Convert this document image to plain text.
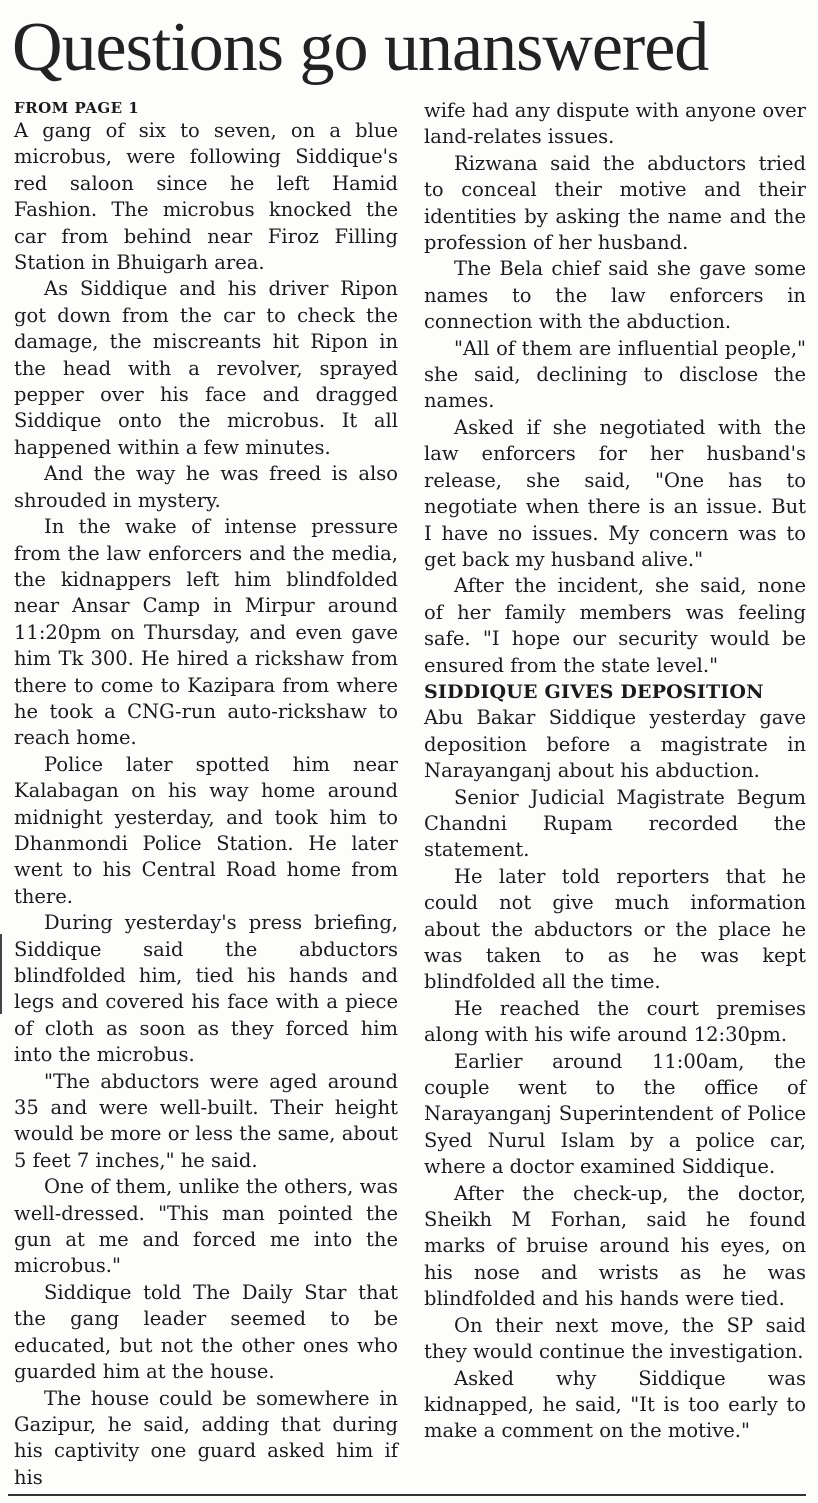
Questions go unanswered
FROM PAGE 1

A gang of six to seven, on a blue microbus, were following Siddique's red saloon since he left Hamid Fashion. The microbus knocked the car from behind near Firoz Filling Station in Bhuigarh area.

As Siddique and his driver Ripon got down from the car to check the damage, the miscreants hit Ripon in the head with a revolver, sprayed pepper over his face and dragged Siddique onto the microbus. It all happened within a few minutes.

And the way he was freed is also shrouded in mystery.

In the wake of intense pressure from the law enforcers and the media, the kidnappers left him blindfolded near Ansar Camp in Mirpur around 11:20pm on Thursday, and even gave him Tk 300. He hired a rickshaw from there to come to Kazipara from where he took a CNG-run auto-rickshaw to reach home.

Police later spotted him near Kalabagan on his way home around midnight yesterday, and took him to Dhanmondi Police Station. He later went to his Central Road home from there.

During yesterday's press briefing, Siddique said the abductors blindfolded him, tied his hands and legs and covered his face with a piece of cloth as soon as they forced him into the microbus.

"The abductors were aged around 35 and were well-built. Their height would be more or less the same, about 5 feet 7 inches," he said.

One of them, unlike the others, was well-dressed. "This man pointed the gun at me and forced me into the microbus."

Siddique told The Daily Star that the gang leader seemed to be educated, but not the other ones who guarded him at the house.

The house could be somewhere in Gazipur, he said, adding that during his captivity one guard asked him if his

wife had any dispute with anyone over land-relates issues.

Rizwana said the abductors tried to conceal their motive and their identities by asking the name and the profession of her husband.

The Bela chief said she gave some names to the law enforcers in connection with the abduction.

"All of them are influential people," she said, declining to disclose the names.

Asked if she negotiated with the law enforcers for her husband's release, she said, "One has to negotiate when there is an issue. But I have no issues. My concern was to get back my husband alive."

After the incident, she said, none of her family members was feeling safe. "I hope our security would be ensured from the state level."

SIDDIQUE GIVES DEPOSITION

Abu Bakar Siddique yesterday gave deposition before a magistrate in Narayanganj about his abduction.

Senior Judicial Magistrate Begum Chandni Rupam recorded the statement.

He later told reporters that he could not give much information about the abductors or the place he was taken to as he was kept blindfolded all the time.

He reached the court premises along with his wife around 12:30pm.

Earlier around 11:00am, the couple went to the office of Narayanganj Superintendent of Police Syed Nurul Islam by a police car, where a doctor examined Siddique.

After the check-up, the doctor, Sheikh M Forhan, said he found marks of bruise around his eyes, on his nose and wrists as he was blindfolded and his hands were tied.

On their next move, the SP said they would continue the investigation.

Asked why Siddique was kidnapped, he said, "It is too early to make a comment on the motive."
